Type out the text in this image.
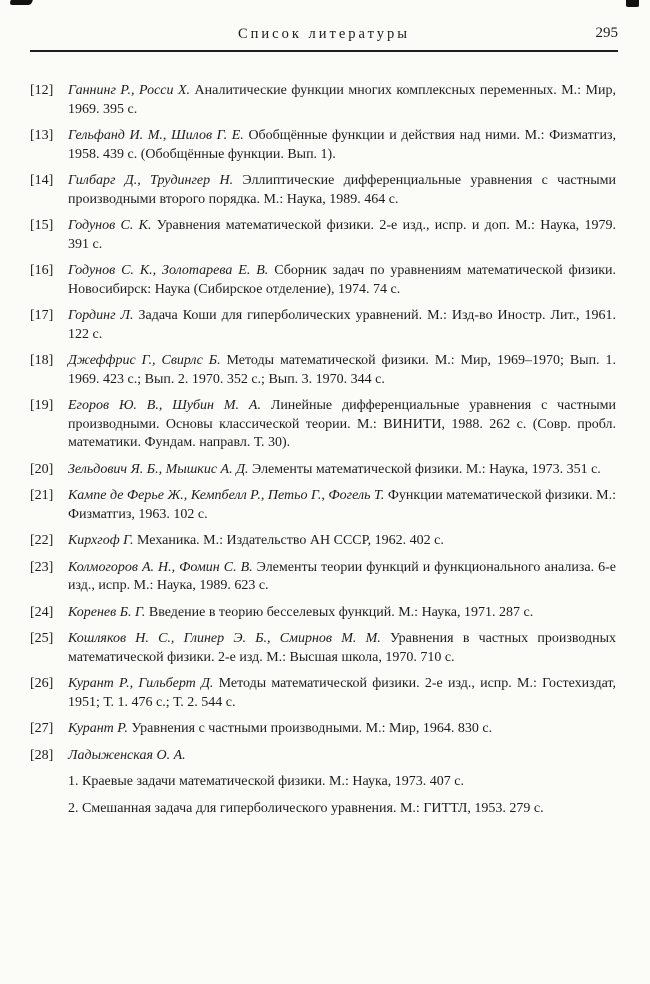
Список литературы	295
[12]	Ганнинг Р., Росси Х. Аналитические функции многих комплексных переменных. М.: Мир, 1969. 395 с.

[13]	Гельфанд И. М., Шилов Г. Е. Обобщённые функции и действия над ними. М.: Физматгиз, 1958. 439 с. (Обобщённые функции. Вып. 1).

[14]	Гилбарг Д., Трудингер Н. Эллиптические дифференциальные уравнения с частными производными второго порядка. М.: Наука, 1989. 464 с.

[15]	Годунов С. К. Уравнения математической физики. 2-е изд., испр. и доп. М.: Наука, 1979. 391 с.

[16]	Годунов С. К., Золотарева Е. В. Сборник задач по уравнениям математической физики. Новосибирск: Наука (Сибирское отделение), 1974. 74 с.

[17]	Гординг Л. Задача Коши для гиперболических уравнений. М.: Изд-во Иностр. Лит., 1961. 122 с.

[18]	Джеффрис Г., Свирлс Б. Методы математической физики. М.: Мир, 1969–1970; Вып. 1. 1969. 423 с.; Вып. 2. 1970. 352 с.; Вып. 3. 1970. 344 с.

[19]	Егоров Ю. В., Шубин М. А. Линейные дифференциальные уравнения с частными производными. Основы классической теории. М.: ВИНИТИ, 1988. 262 с. (Совр. пробл. математики. Фундам. направл. Т. 30).

[20]	Зельдович Я. Б., Мышкис А. Д. Элементы математической физики. М.: Наука, 1973. 351 с.

[21]	Кампе де Ферье Ж., Кемпбелл Р., Петьо Г., Фогель Т. Функции математической физики. М.: Физматгиз, 1963. 102 с.

[22]	Кирхгоф Г. Механика. М.: Издательство АН СССР, 1962. 402 с.

[23]	Колмогоров А. Н., Фомин С. В. Элементы теории функций и функционального анализа. 6-е изд., испр. М.: Наука, 1989. 623 с.

[24]	Коренев Б. Г. Введение в теорию бесселевых функций. М.: Наука, 1971. 287 с.

[25]	Кошляков Н. С., Глинер Э. Б., Смирнов М. М. Уравнения в частных производных математической физики. 2-е изд. М.: Высшая школа, 1970. 710 с.

[26]	Курант Р., Гильберт Д. Методы математической физики. 2-е изд., испр. М.: Гостехиздат, 1951; Т. 1. 476 с.; Т. 2. 544 с.

[27]	Курант Р. Уравнения с частными производными. М.: Мир, 1964. 830 с.

[28]	Ладыженская О. А.

1. Краевые задачи математической физики. М.: Наука, 1973. 407 с.

2. Смешанная задача для гиперболического уравнения. М.: ГИТТЛ, 1953. 279 с.
